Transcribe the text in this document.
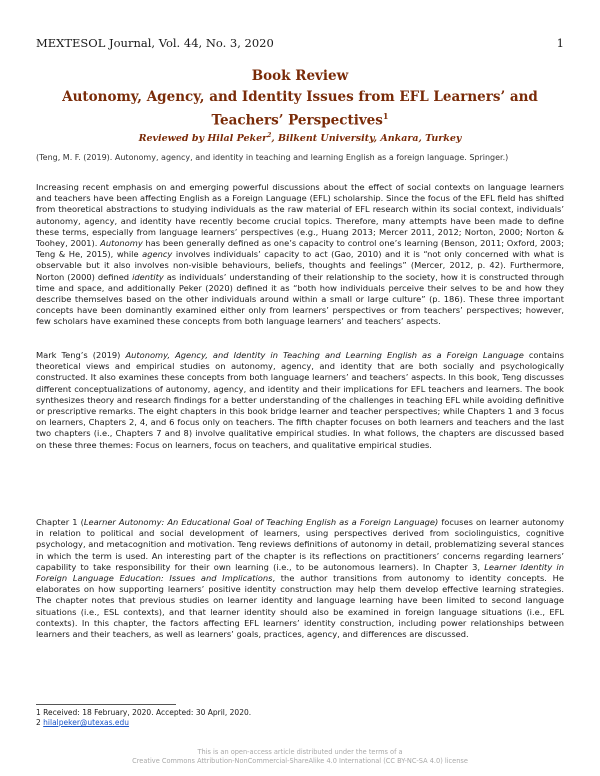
MEXTESOL Journal, Vol. 44, No. 3, 2020	1
Book Review
Autonomy, Agency, and Identity Issues from EFL Learners’ and Teachers’ Perspectives$^1$
Reviewed by Hilal Peker$^2$, Bilkent University, Ankara, Turkey
(Teng, M. F. (2019). Autonomy, agency, and identity in teaching and learning English as a foreign language. Springer.)
Increasing recent emphasis on and emerging powerful discussions about the effect of social contexts on language learners and teachers have been affecting English as a Foreign Language (EFL) scholarship. Since the focus of the EFL field has shifted from theoretical abstractions to studying individuals as the raw material of EFL research within its social context, individuals’ autonomy, agency, and identity have recently become crucial topics. Therefore, many attempts have been made to define these terms, especially from language learners’ perspectives (e.g., Huang 2013; Mercer 2011, 2012; Norton, 2000; Norton & Toohey, 2001). Autonomy has been generally defined as one’s capacity to control one’s learning (Benson, 2011; Oxford, 2003; Teng & He, 2015), while agency involves individuals’ capacity to act (Gao, 2010) and it is “not only concerned with what is observable but it also involves non-visible behaviours, beliefs, thoughts and feelings” (Mercer, 2012, p. 42). Furthermore, Norton (2000) defined identity as individuals’ understanding of their relationship to the society, how it is constructed through time and space, and additionally Peker (2020) defined it as “both how individuals perceive their selves to be and how they describe themselves based on the other individuals around within a small or large culture” (p. 186). These three important concepts have been dominantly examined either only from learners’ perspectives or from teachers’ perspectives; however, few scholars have examined these concepts from both language learners’ and teachers’ aspects.
Mark Teng’s (2019) Autonomy, Agency, and Identity in Teaching and Learning English as a Foreign Language contains theoretical views and empirical studies on autonomy, agency, and identity that are both socially and psychologically constructed. It also examines these concepts from both language learners’ and teachers’ aspects. In this book, Teng discusses different conceptualizations of autonomy, agency, and identity and their implications for EFL teachers and learners. The book synthesizes theory and research findings for a better understanding of the challenges in teaching EFL while avoiding definitive or prescriptive remarks. The eight chapters in this book bridge learner and teacher perspectives; while Chapters 1 and 3 focus on learners, Chapters 2, 4, and 6 focus only on teachers. The fifth chapter focuses on both learners and teachers and the last two chapters (i.e., Chapters 7 and 8) involve qualitative empirical studies. In what follows, the chapters are discussed based on these three themes: Focus on learners, focus on teachers, and qualitative empirical studies.
Chapter 1 (Learner Autonomy: An Educational Goal of Teaching English as a Foreign Language) focuses on learner autonomy in relation to political and social development of learners, using perspectives derived from sociolinguistics, cognitive psychology, and metacognition and motivation. Teng reviews definitions of autonomy in detail, problematizing several stances in which the term is used. An interesting part of the chapter is its reflections on practitioners’ concerns regarding learners’ capability to take responsibility for their own learning (i.e., to be autonomous learners). In Chapter 3, Learner Identity in Foreign Language Education: Issues and Implications, the author transitions from autonomy to identity concepts. He elaborates on how supporting learners’ positive identity construction may help them develop effective learning strategies. The chapter notes that previous studies on learner identity and language learning have been limited to second language situations (i.e., ESL contexts), and that learner identity should also be examined in foreign language situations (i.e., EFL contexts). In this chapter, the factors affecting EFL learners’ identity construction, including power relationships between learners and their teachers, as well as learners’ goals, practices, agency, and differences are discussed.
1 Received: 18 February, 2020. Accepted: 30 April, 2020.
2 hilalpeker@utexas.edu
This is an open-access article distributed under the terms of a
Creative Commons Attribution-NonCommercial-ShareAlike 4.0 International (CC BY-NC-SA 4.0) license
